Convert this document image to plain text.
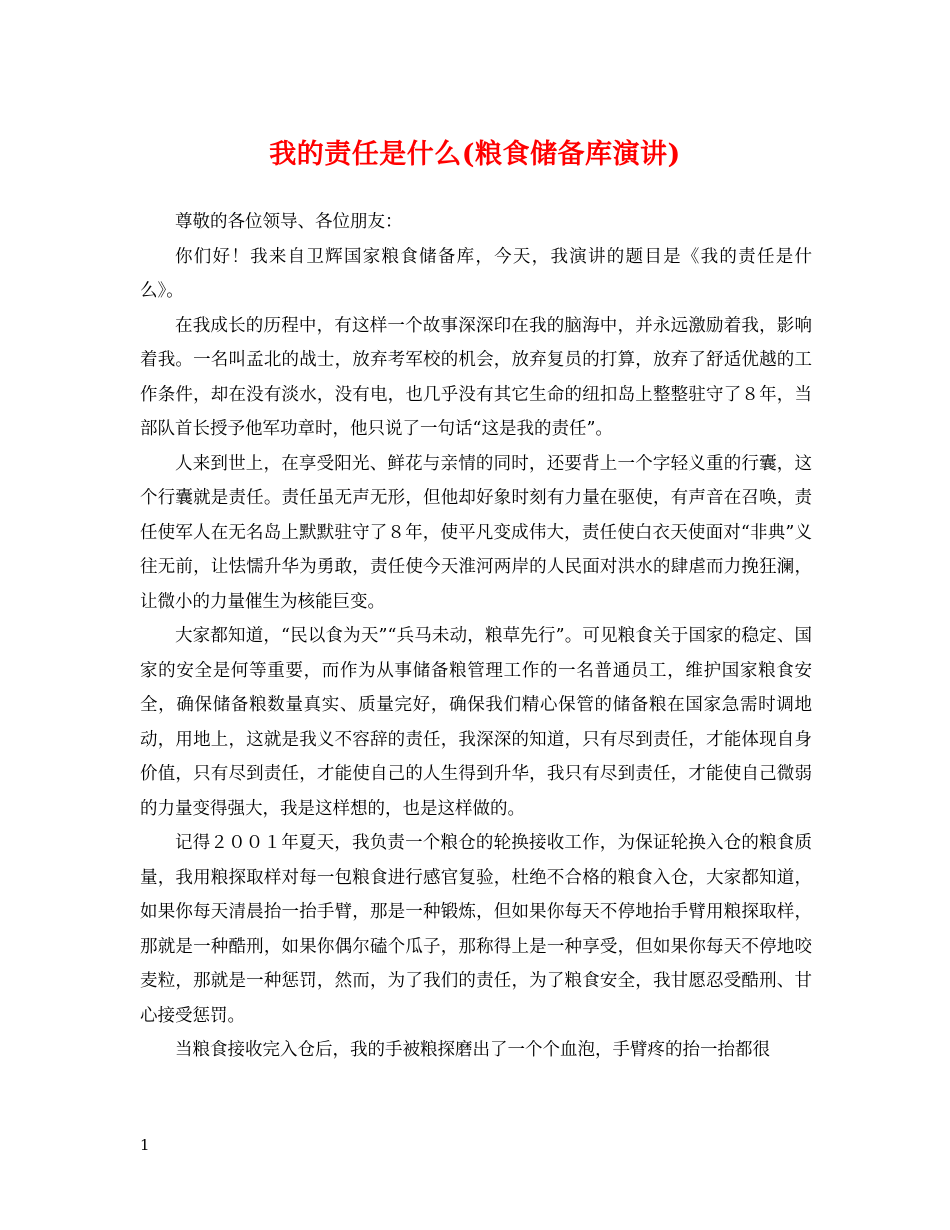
我的责任是什么(粮食储备库演讲)

尊敬的各位领导、各位朋友：

你们好！我来自卫辉国家粮食储备库，今天，我演讲的题目是《我的责任是什么》。

在我成长的历程中，有这样一个故事深深印在我的脑海中，并永远激励着我，影响着我。一名叫孟北的战士，放弃考军校的机会，放弃复员的打算，放弃了舒适优越的工作条件，却在没有淡水，没有电，也几乎没有其它生命的纽扣岛上整整驻守了８年，当部队首长授予他军功章时，他只说了一句话“这是我的责任”。

人来到世上，在享受阳光、鲜花与亲情的同时，还要背上一个字轻义重的行囊，这个行囊就是责任。责任虽无声无形，但他却好象时刻有力量在驱使，有声音在召唤，责任使军人在无名岛上默默驻守了８年，使平凡变成伟大，责任使白衣天使面对“非典”义往无前，让怯懦升华为勇敢，责任使今天淮河两岸的人民面对洪水的肆虐而力挽狂澜，让微小的力量催生为核能巨变。

大家都知道，“民以食为天”“兵马未动，粮草先行”。可见粮食关于国家的稳定、国家的安全是何等重要，而作为从事储备粮管理工作的一名普通员工，维护国家粮食安全，确保储备粮数量真实、质量完好，确保我们精心保管的储备粮在国家急需时调地动，用地上，这就是我义不容辞的责任，我深深的知道，只有尽到责任，才能体现自身价值，只有尽到责任，才能使自己的人生得到升华，我只有尽到责任，才能使自己微弱的力量变得强大，我是这样想的，也是这样做的。

记得２００１年夏天，我负责一个粮仓的轮换接收工作，为保证轮换入仓的粮食质量，我用粮探取样对每一包粮食进行感官复验，杜绝不合格的粮食入仓，大家都知道，如果你每天清晨抬一抬手臂，那是一种锻炼，但如果你每天不停地抬手臂用粮探取样，那就是一种酷刑，如果你偶尔磕个瓜子，那称得上是一种享受，但如果你每天不停地咬麦粒，那就是一种惩罚，然而，为了我们的责任，为了粮食安全，我甘愿忍受酷刑、甘心接受惩罚。

当粮食接收完入仓后，我的手被粮探磨出了一个个血泡，手臂疼的抬一抬都很

1
